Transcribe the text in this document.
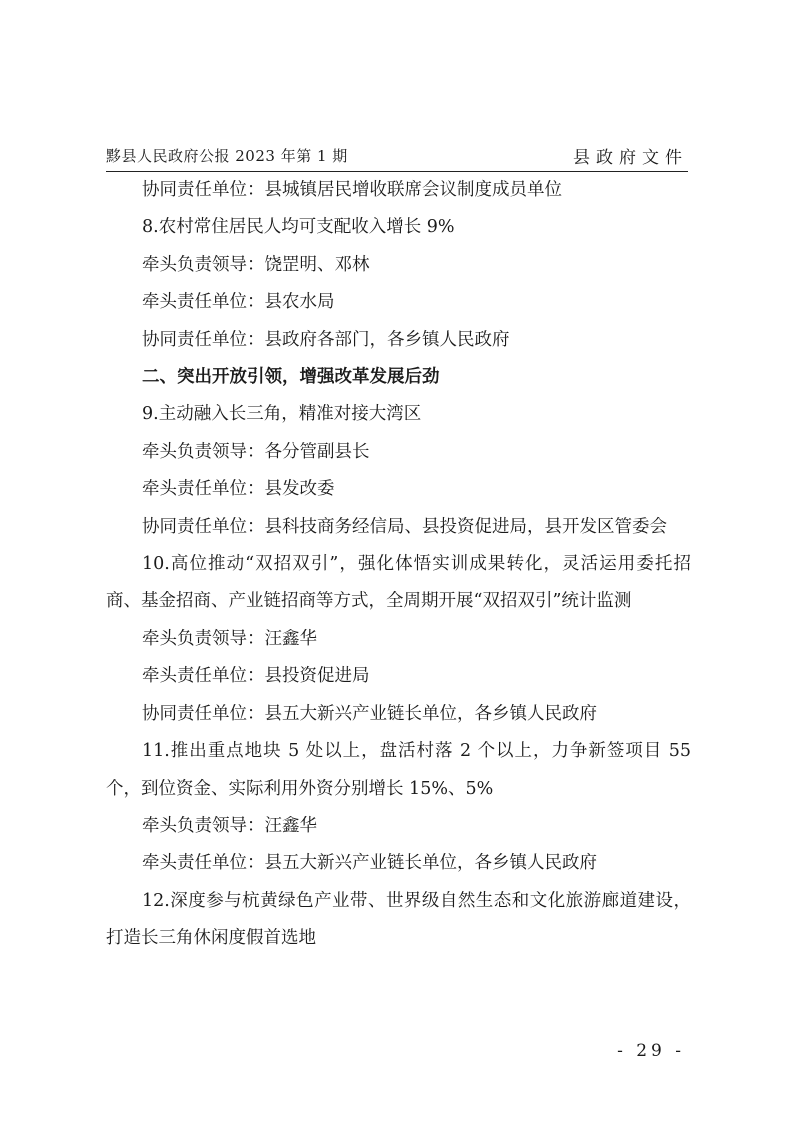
黟县人民政府公报 2023 年第 1 期	县政府文件

协同责任单位：县城镇居民增收联席会议制度成员单位

8.农村常住居民人均可支配收入增长 9%

牵头负责领导：饶罡明、邓林

牵头责任单位：县农水局

协同责任单位：县政府各部门，各乡镇人民政府

二、突出开放引领，增强改革发展后劲

9.主动融入长三角，精准对接大湾区

牵头负责领导：各分管副县长

牵头责任单位：县发改委

协同责任单位：县科技商务经信局、县投资促进局，县开发区管委会

10.高位推动“双招双引”，强化体悟实训成果转化，灵活运用委托招商、基金招商、产业链招商等方式，全周期开展“双招双引”统计监测

牵头负责领导：汪鑫华

牵头责任单位：县投资促进局

协同责任单位：县五大新兴产业链长单位，各乡镇人民政府

11.推出重点地块 5 处以上，盘活村落 2 个以上，力争新签项目 55 个，到位资金、实际利用外资分别增长 15%、5%

牵头负责领导：汪鑫华

牵头责任单位：县五大新兴产业链长单位，各乡镇人民政府

12.深度参与杭黄绿色产业带、世界级自然生态和文化旅游廊道建设，打造长三角休闲度假首选地

- 29 -
